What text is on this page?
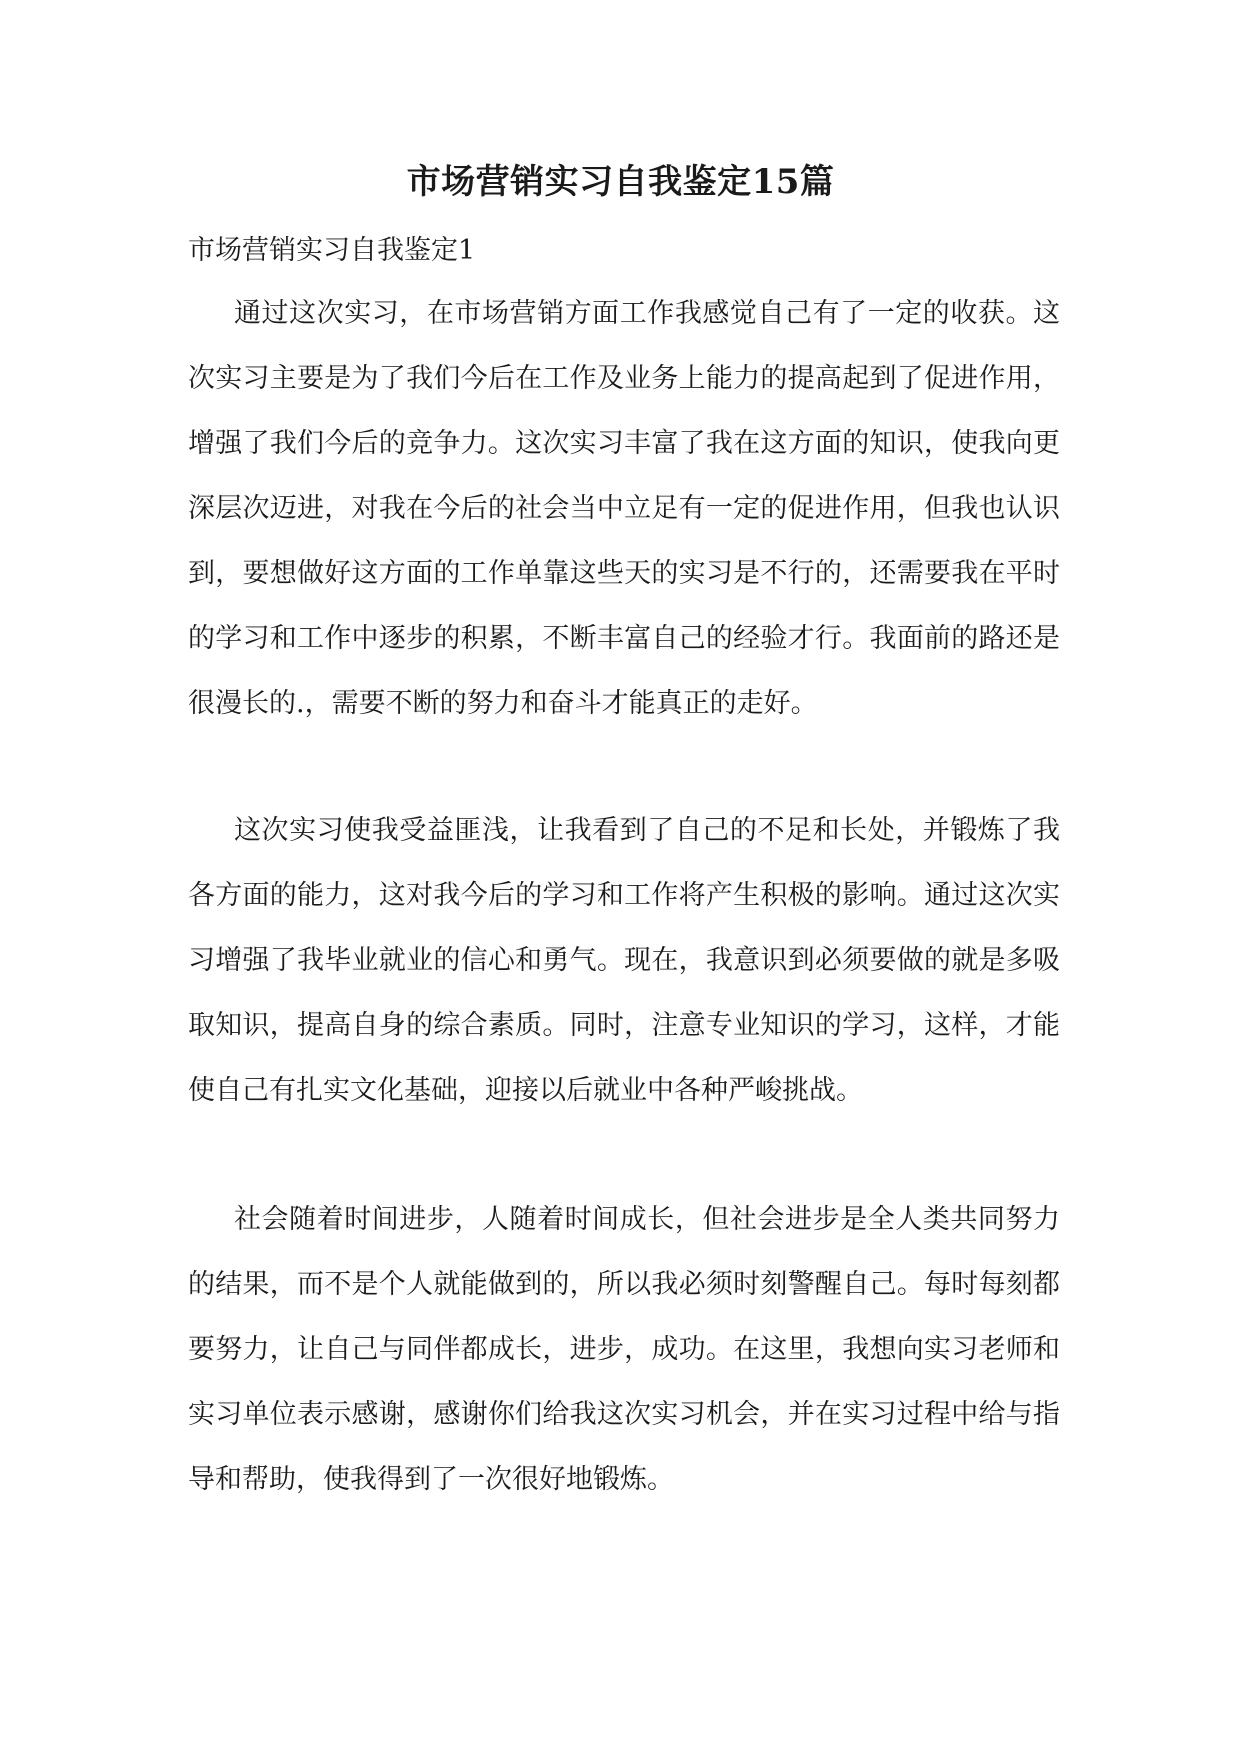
市场营销实习自我鉴定15篇
市场营销实习自我鉴定1

通过这次实习，在市场营销方面工作我感觉自己有了一定的收获。这次实习主要是为了我们今后在工作及业务上能力的提高起到了促进作用，增强了我们今后的竞争力。这次实习丰富了我在这方面的知识，使我向更深层次迈进，对我在今后的社会当中立足有一定的促进作用，但我也认识到，要想做好这方面的工作单靠这些天的实习是不行的，还需要我在平时的学习和工作中逐步的积累，不断丰富自己的经验才行。我面前的路还是很漫长的.，需要不断的努力和奋斗才能真正的走好。

这次实习使我受益匪浅，让我看到了自己的不足和长处，并锻炼了我各方面的能力，这对我今后的学习和工作将产生积极的影响。通过这次实习增强了我毕业就业的信心和勇气。现在，我意识到必须要做的就是多吸取知识，提高自身的综合素质。同时，注意专业知识的学习，这样，才能使自己有扎实文化基础，迎接以后就业中各种严峻挑战。

社会随着时间进步，人随着时间成长，但社会进步是全人类共同努力的结果，而不是个人就能做到的，所以我必须时刻警醒自己。每时每刻都要努力，让自己与同伴都成长，进步，成功。在这里，我想向实习老师和实习单位表示感谢，感谢你们给我这次实习机会，并在实习过程中给与指导和帮助，使我得到了一次很好地锻炼。
